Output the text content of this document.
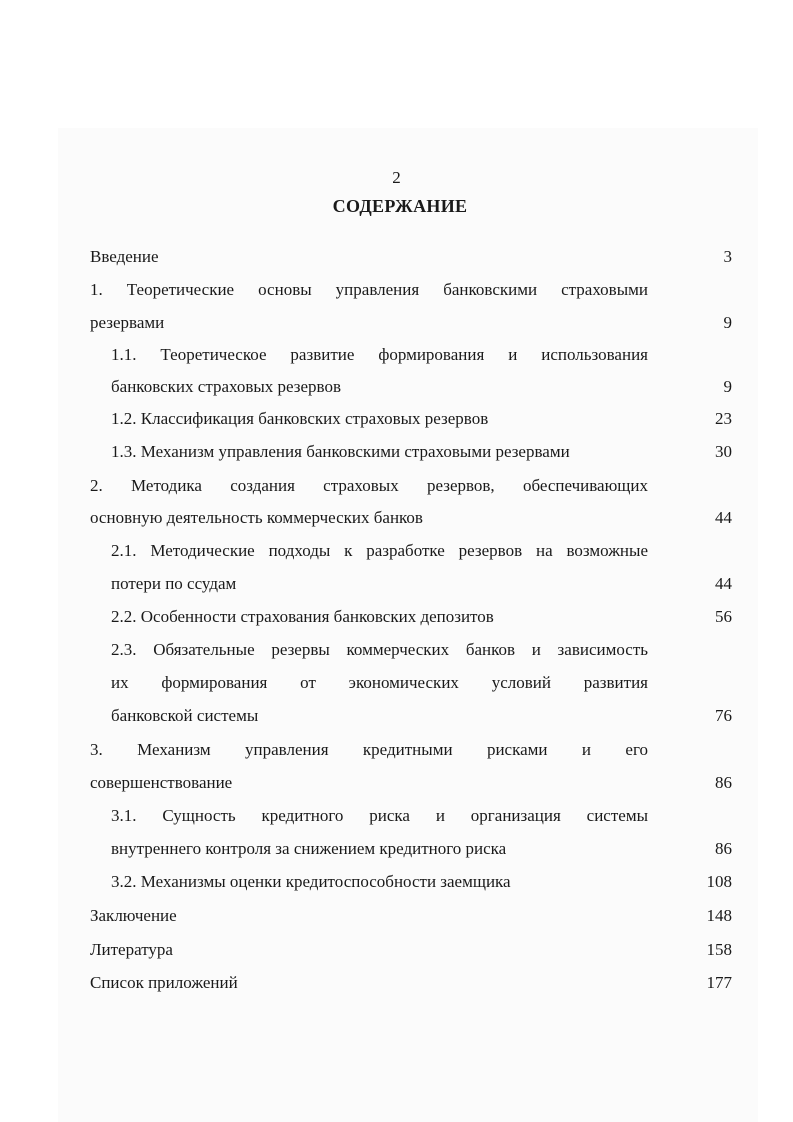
2
СОДЕРЖАНИЕ
Введение	3
1. Теоретические основы управления банковскими страховыми
резервами	9
1.1. Теоретическое развитие формирования и использования
банковских страховых резервов	9
1.2. Классификация банковских страховых резервов	23
1.3. Механизм управления банковскими страховыми резервами	30
2. Методика создания страховых резервов, обеспечивающих
основную деятельность коммерческих банков	44
2.1. Методические подходы к разработке резервов на возможные
потери по ссудам	44
2.2. Особенности страхования банковских депозитов	56
2.3. Обязательные резервы коммерческих банков и зависимость
их формирования от экономических условий развития
банковской системы	76
3. Механизм управления кредитными рисками и его
совершенствование	86
3.1. Сущность кредитного риска и организация системы
внутреннего контроля за снижением кредитного риска	86
3.2. Механизмы оценки кредитоспособности заемщика	108
Заключение	148
Литература	158
Список приложений	177
